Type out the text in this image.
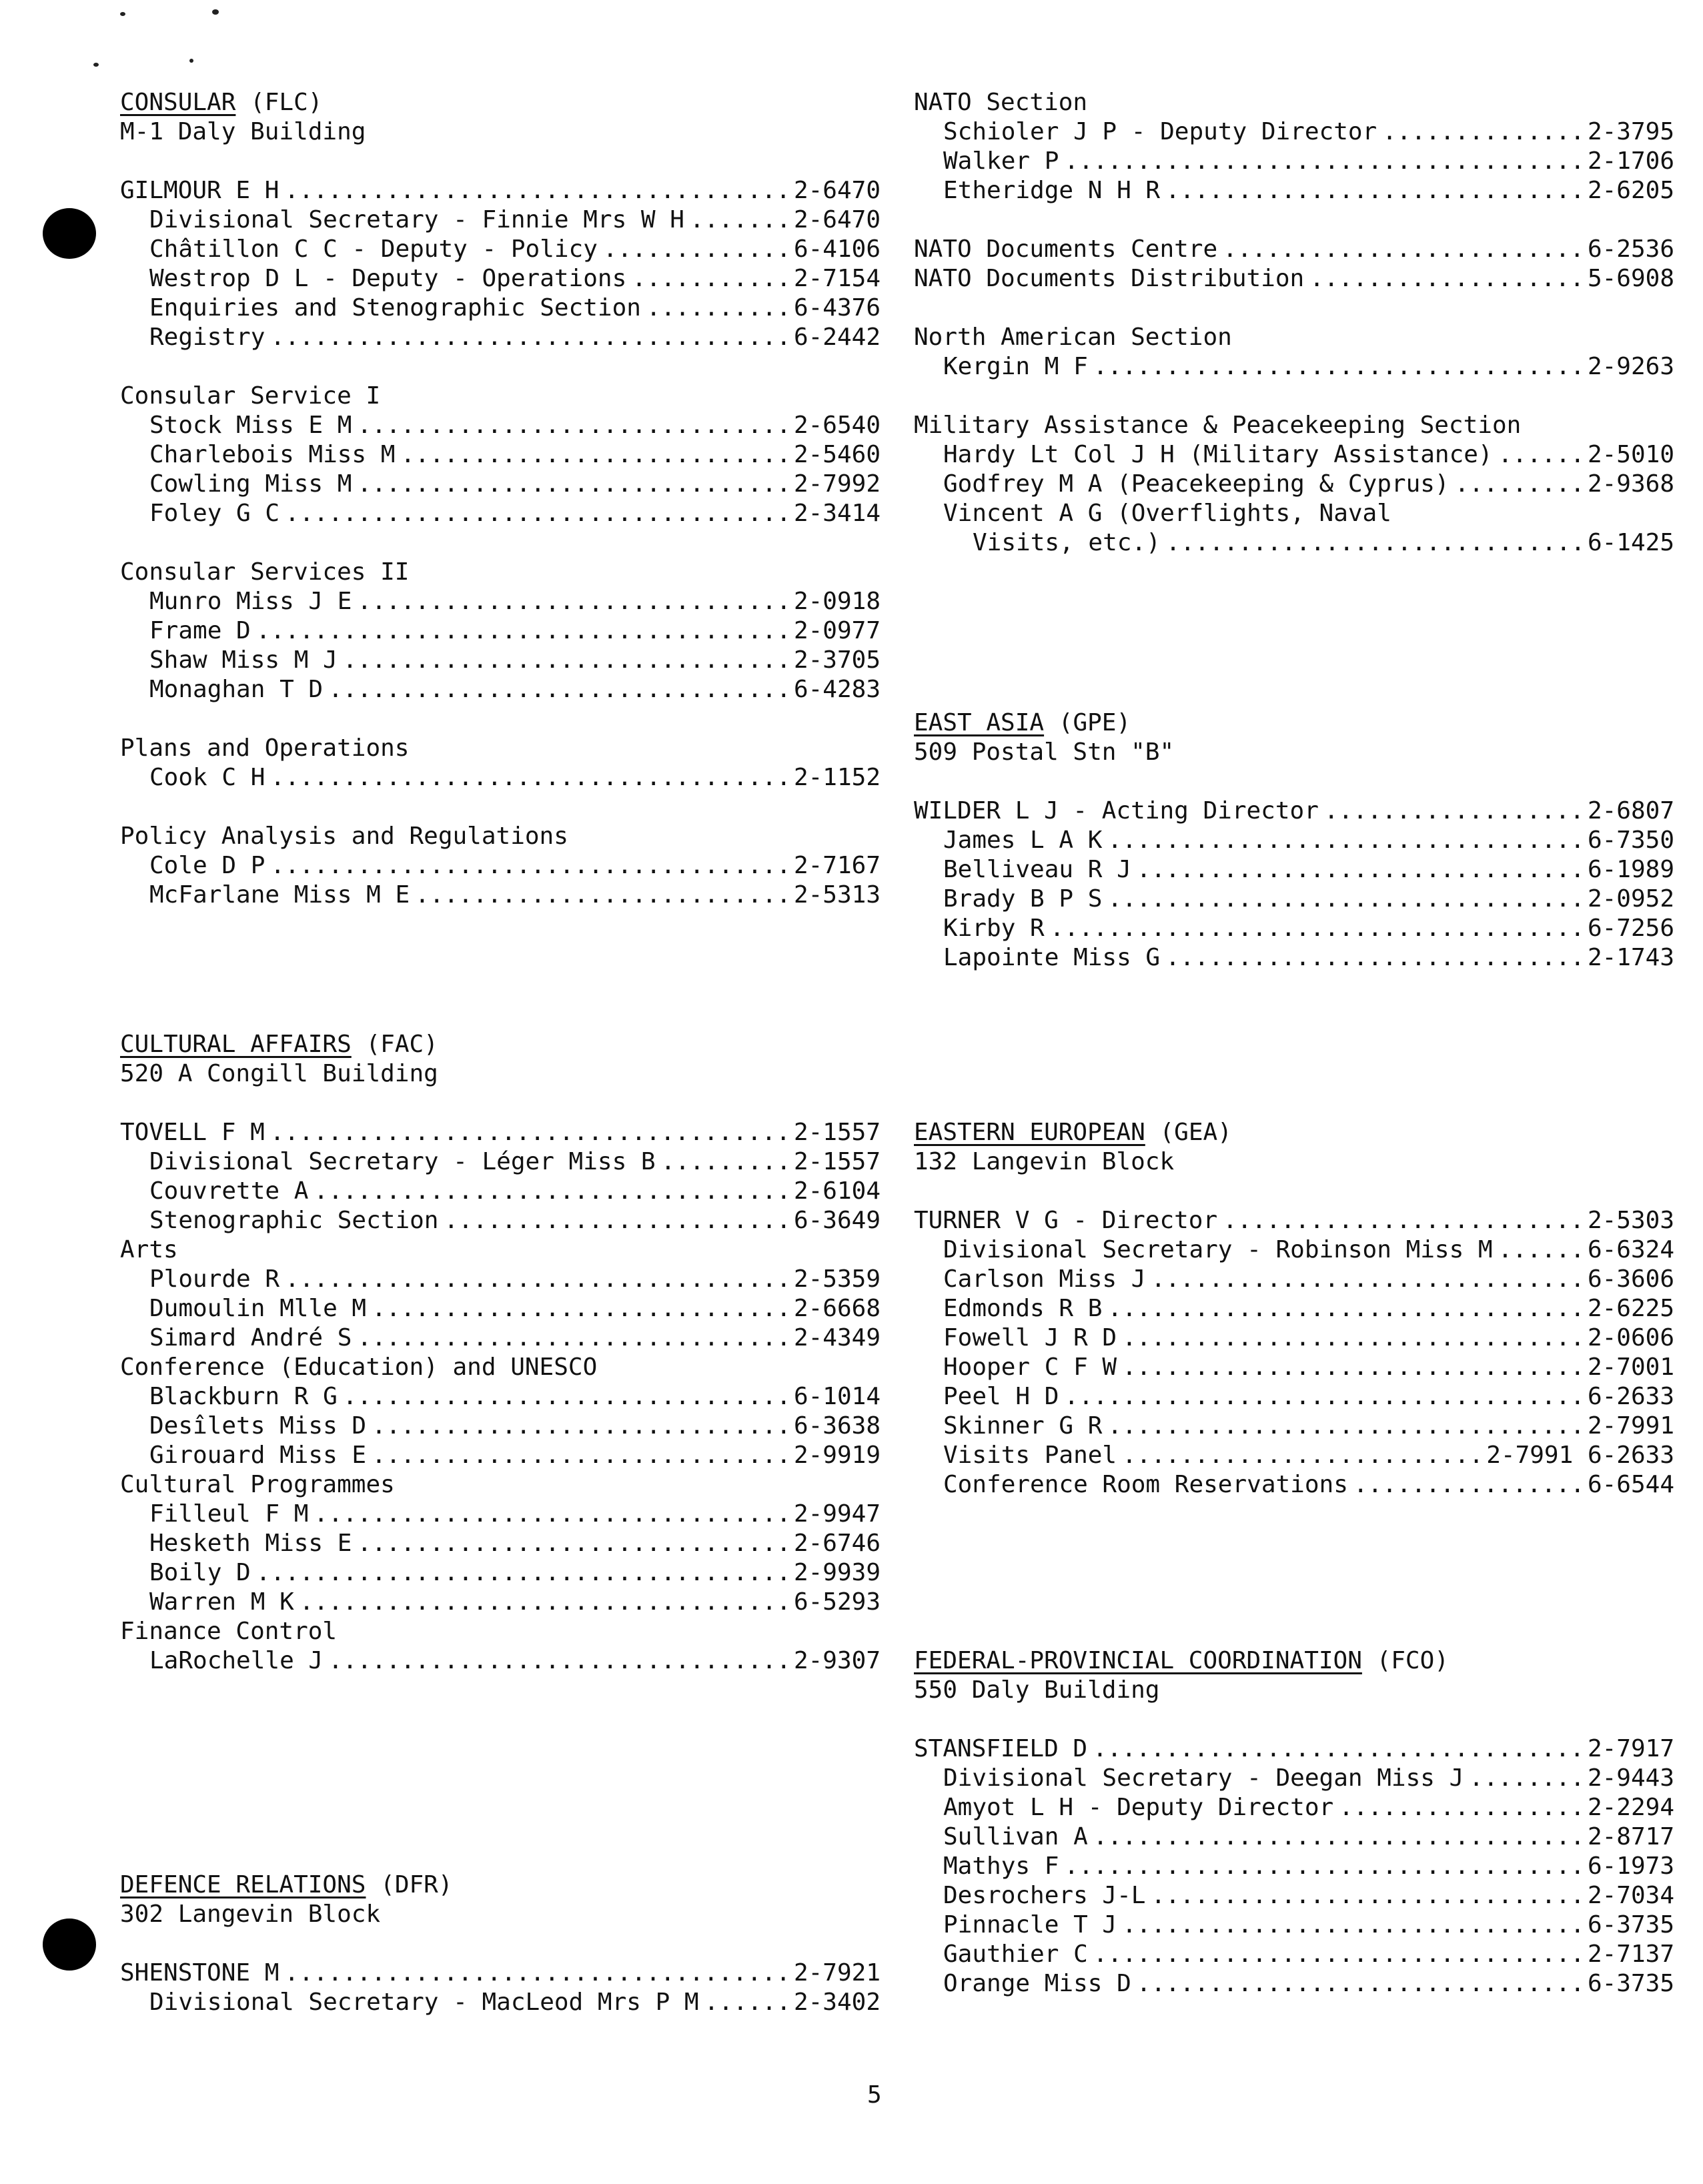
CONSULAR (FLC)
M-1 Daly Building
GILMOUR E H .....	2-6470
Divisional Secretary - Finnie Mrs W H .....	2-6470
Châtillon C C - Deputy - Policy .....	6-4106
Westrop D L - Deputy - Operations .....	2-7154
Enquiries and Stenographic Section .....	6-4376
Registry .....	6-2442
Consular Service I
Stock Miss E M .....	2-6540
Charlebois Miss M .....	2-5460
Cowling Miss M .....	2-7992
Foley G C .....	2-3414
Consular Services II
Munro Miss J E .....	2-0918
Frame D .....	2-0977
Shaw Miss M J .....	2-3705
Monaghan T D .....	6-4283
Plans and Operations
Cook C H .....	2-1152
Policy Analysis and Regulations
Cole D P .....	2-7167
McFarlane Miss M E .....	2-5313
CULTURAL AFFAIRS (FAC)
520 A Congill Building
TOVELL F M .....	2-1557
Divisional Secretary - Léger Miss B .....	2-1557
Couvrette A .....	2-6104
Stenographic Section .....	6-3649
Arts
Plourde R .....	2-5359
Dumoulin Mlle M .....	2-6668
Simard André S .....	2-4349
Conference (Education) and UNESCO
Blackburn R G .....	6-1014
Desîlets Miss D .....	6-3638
Girouard Miss E .....	2-9919
Cultural Programmes
Filleul F M .....	2-9947
Hesketh Miss E .....	2-6746
Boily D .....	2-9939
Warren M K .....	6-5293
Finance Control
LaRochelle J .....	2-9307
DEFENCE RELATIONS (DFR)
302 Langevin Block
SHENSTONE M .....	2-7921
Divisional Secretary - MacLeod Mrs P M .....	2-3402
NATO Section
Schioler J P - Deputy Director .....	2-3795
Walker P .....	2-1706
Etheridge N H R .....	2-6205
NATO Documents Centre .....	6-2536
NATO Documents Distribution .....	5-6908
North American Section
Kergin M F .....	2-9263
Military Assistance & Peacekeeping Section
Hardy Lt Col J H (Military Assistance) .....	2-5010
Godfrey M A (Peacekeeping & Cyprus) .....	2-9368
Vincent A G (Overflights, Naval
Visits, etc.) .....	6-1425
EAST ASIA (GPE)
509 Postal Stn "B"
WILDER L J - Acting Director .....	2-6807
James L A K .....	6-7350
Belliveau R J .....	6-1989
Brady B P S .....	2-0952
Kirby R .....	6-7256
Lapointe Miss G .....	2-1743
EASTERN EUROPEAN (GEA)
132 Langevin Block
TURNER V G - Director .....	2-5303
Divisional Secretary - Robinson Miss M .....	6-6324
Carlson Miss J .....	6-3606
Edmonds R B .....	2-6225
Fowell J R D .....	2-0606
Hooper C F W .....	2-7001
Peel H D .....	6-2633
Skinner G R .....	2-7991
Visits Panel .....	2-7991 6-2633
Conference Room Reservations .....	6-6544
FEDERAL-PROVINCIAL COORDINATION (FCO)
550 Daly Building
STANSFIELD D .....	2-7917
Divisional Secretary - Deegan Miss J .....	2-9443
Amyot L H - Deputy Director .....	2-2294
Sullivan A .....	2-8717
Mathys F .....	6-1973
Desrochers J-L .....	2-7034
Pinnacle T J .....	6-3735
Gauthier C .....	2-7137
Orange Miss D .....	6-3735
5
